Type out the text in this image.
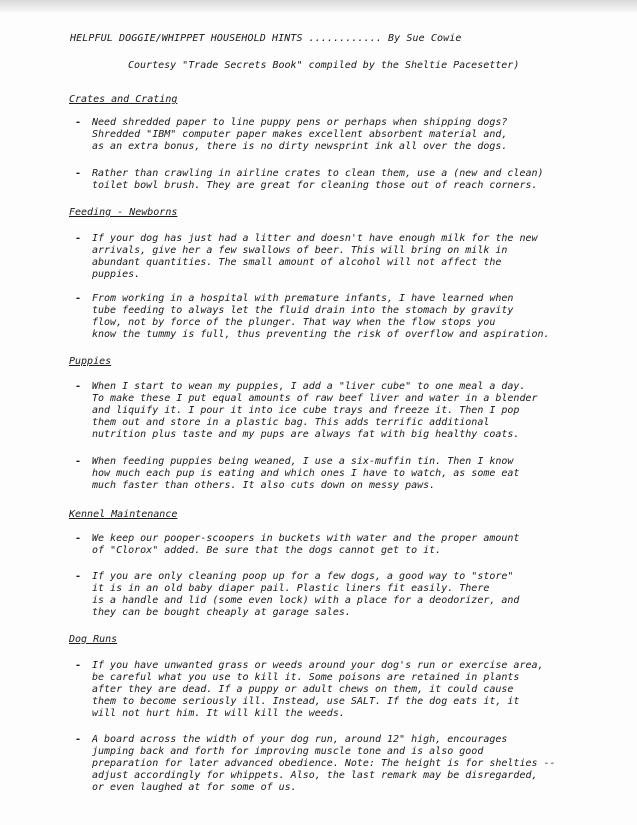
HELPFUL DOGGIE/WHIPPET HOUSEHOLD HINTS ............ By Sue Cowie
Courtesy "Trade Secrets Book" compiled by the Sheltie Pacesetter)
Crates and Crating
- Need shredded paper to line puppy pens or perhaps when shipping dogs?
Shredded "IBM" computer paper makes excellent absorbent material and,
as an extra bonus, there is no dirty newsprint ink all over the dogs.
- Rather than crawling in airline crates to clean them, use a (new and clean)
toilet bowl brush. They are great for cleaning those out of reach corners.
Feeding - Newborns
- If your dog has just had a litter and doesn't have enough milk for the new
arrivals, give her a few swallows of beer. This will bring on milk in
abundant quantities. The small amount of alcohol will not affect the
puppies.
- From working in a hospital with premature infants, I have learned when
tube feeding to always let the fluid drain into the stomach by gravity
flow, not by force of the plunger. That way when the flow stops you
know the tummy is full, thus preventing the risk of overflow and aspiration.
Puppies
- When I start to wean my puppies, I add a "liver cube" to one meal a day.
To make these I put equal amounts of raw beef liver and water in a blender
and liquify it. I pour it into ice cube trays and freeze it. Then I pop
them out and store in a plastic bag. This adds terrific additional
nutrition plus taste and my pups are always fat with big healthy coats.
- When feeding puppies being weaned, I use a six-muffin tin. Then I know
how much each pup is eating and which ones I have to watch, as some eat
much faster than others. It also cuts down on messy paws.
Kennel Maintenance
- We keep our pooper-scoopers in buckets with water and the proper amount
of "Clorox" added. Be sure that the dogs cannot get to it.
- If you are only cleaning poop up for a few dogs, a good way to "store"
it is in an old baby diaper pail. Plastic liners fit easily. There
is a handle and lid (some even lock) with a place for a deodorizer, and
they can be bought cheaply at garage sales.
Dog Runs
- If you have unwanted grass or weeds around your dog's run or exercise area,
be careful what you use to kill it. Some poisons are retained in plants
after they are dead. If a puppy or adult chews on them, it could cause
them to become seriously ill. Instead, use SALT. If the dog eats it, it
will not hurt him. It will kill the weeds.
- A board across the width of your dog run, around 12" high, encourages
jumping back and forth for improving muscle tone and is also good
preparation for later advanced obedience. Note: The height is for shelties --
adjust accordingly for whippets. Also, the last remark may be disregarded,
or even laughed at for some of us.
